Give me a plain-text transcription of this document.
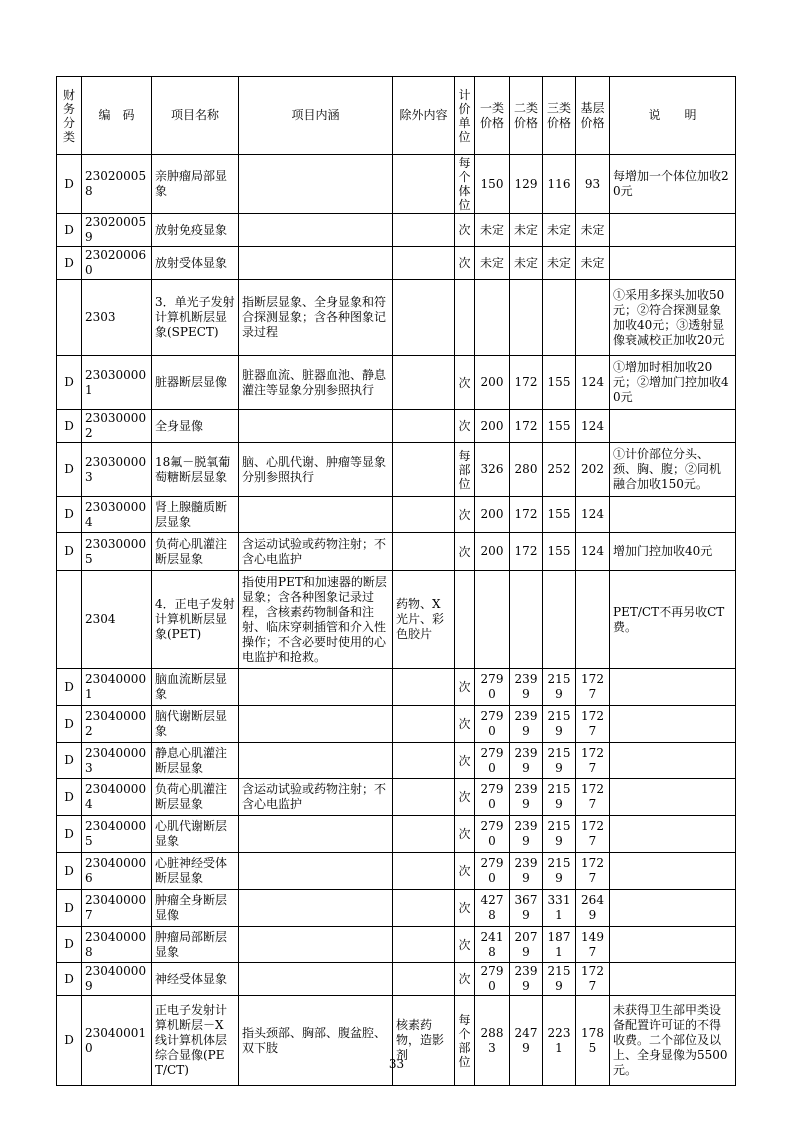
财务分类	编　码	项目名称	项目内涵	除外内容	计价单位	一类价格	二类价格	三类价格	基层价格	说　　明
D	230200058	亲肿瘤局部显象			每个体位	150	129	116	93	每增加一个体位加收20元
D	230200059	放射免疫显象			次	未定	未定	未定	未定	
D	230200060	放射受体显象			次	未定	未定	未定	未定	
	2303	3．单光子发射计算机断层显象(SPECT)	指断层显象、全身显象和符合探测显象；含各种图象记录过程							①采用多探头加收50元；②符合探测显象加收40元；③透射显像衰减校正加收20元
D	230300001	脏器断层显像	脏器血流、脏器血池、静息灌注等显象分别参照执行		次	200	172	155	124	①增加时相加收20元；②增加门控加收40元
D	230300002	全身显像			次	200	172	155	124	
D	230300003	18氟－脱氧葡萄糖断层显象	脑、心肌代谢、肿瘤等显象分别参照执行		每部位	326	280	252	202	①计价部位分头、颈、胸、腹；②同机融合加收150元。
D	230300004	肾上腺髓质断层显象			次	200	172	155	124	
D	230300005	负荷心肌灌注断层显象	含运动试验或药物注射；不含心电监护		次	200	172	155	124	增加门控加收40元
	2304	4．正电子发射计算机断层显象(PET)	指使用PET和加速器的断层显象；含各种图象记录过程，含核素药物制备和注射、临床穿刺插管和介入性操作；不含必要时使用的心电监护和抢救。	药物、X光片、彩色胶片						PET/CT不再另收CT费。
D	230400001	脑血流断层显象			次	2790	2399	2159	1727	
D	230400002	脑代谢断层显象			次	2790	2399	2159	1727	
D	230400003	静息心肌灌注断层显象			次	2790	2399	2159	1727	
D	230400004	负荷心肌灌注断层显象	含运动试验或药物注射；不含心电监护		次	2790	2399	2159	1727	
D	230400005	心肌代谢断层显象			次	2790	2399	2159	1727	
D	230400006	心脏神经受体断层显象			次	2790	2399	2159	1727	
D	230400007	肿瘤全身断层显像			次	4278	3679	3311	2649	
D	230400008	肿瘤局部断层显象			次	2418	2079	1871	1497	
D	230400009	神经受体显象			次	2790	2399	2159	1727	
D	230400010	正电子发射计算机断层－X线计算机体层综合显像(PET/CT)	指头颈部、胸部、腹盆腔、双下肢	核素药物，造影剂	每个部位	2883	2479	2231	1785	未获得卫生部甲类设备配置许可证的不得收费。二个部位及以上、全身显像为5500元。
33
